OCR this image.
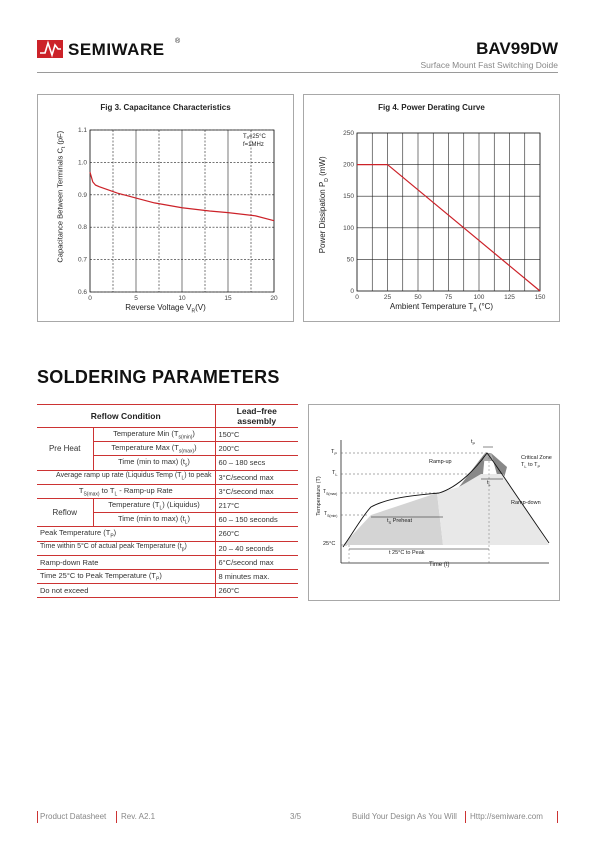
SEMIWARE ®	BAV99DW
Surface Mount Fast Switching Doide
Fig 3. Capacitance Characteristics
0	5	10	15	20
0.6
0.7
0.8
0.9
1.0
1.1
Reverse Voltage $V_R(V)$
Capacitance Between Terminals $C_t$ (pF)	Tₐ=25°C
f=1MHz
Fig 4. Power Derating Curve
0	25	50	75	100	125	150
0
50
100
150
200
250
Ambient Temperature $T_A$ (°C)
Power Dissipation $P_D$ (mW)
SOLDERING PARAMETERS
Reflow Condition		Lead–free assembly
Pre Heat	Temperature Min $(T_{s(min)})$	150°C
	Temperature Max $(T_{s(max)})$	200°C
	Time (min to max) $(t_s)$	60 – 180 secs
Average ramp up rate (Liquidus Temp $(T_L)$ to peak		3°C/second max
$T_{S(max)}$ to $T_L$ - Ramp-up Rate		3°C/second max
Reflow	Temperature $(T_L)$ (Liquidus)	217°C
	Time (min to max) $(t_L)$	60 – 150 seconds
Peak Temperature $(T_P)$		260°C
Time within 5°C of actual peak Temperature $(t_p)$		20 – 40 seconds
Ramp-down Rate		6°C/second max
Time 25°C to Peak Temperature $(T_P)$		8 minutes max.
Do not exceed		260°C
Temperature (T)
Time (t)
$T_P$
$T_L$
$T_{S(max)}$
$T_{S(min)}$
25°C
$t_P$
$t_L$
Ramp-up
Ramp-down
Critical Zone
$T_L$ to $T_P$
$t_S$ Preheat
t 25°C to Peak
Product Datasheet Rev. A2.1	3/5	Build Your Design As You Will Http://semiware.com
